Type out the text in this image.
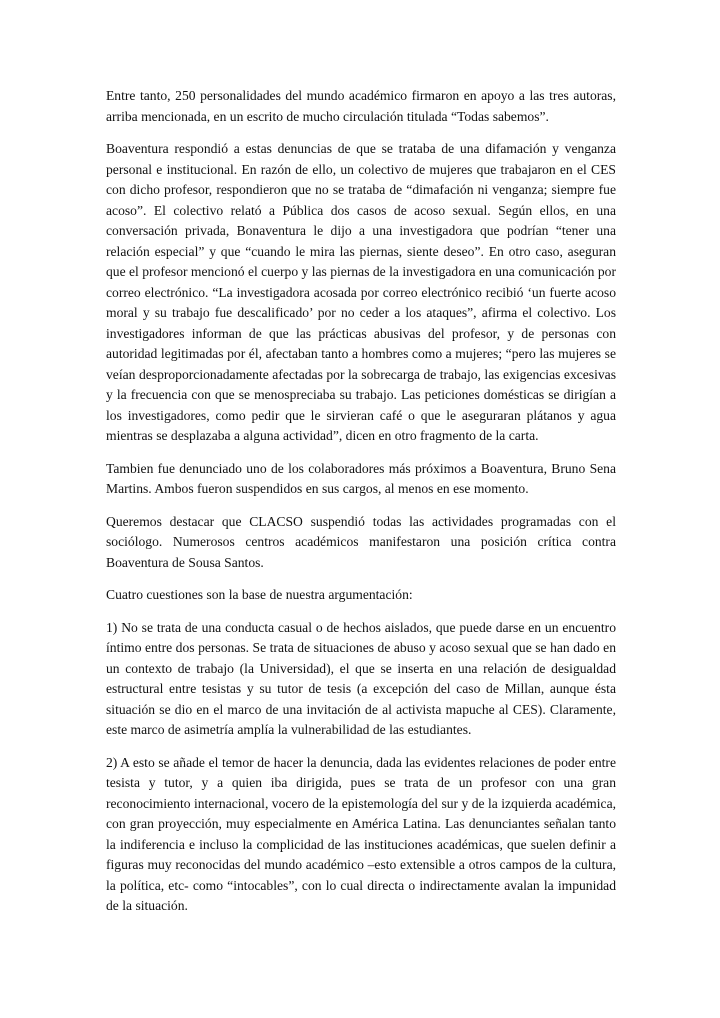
Entre tanto, 250 personalidades del mundo académico firmaron en apoyo a las tres autoras, arriba mencionada, en un escrito de mucho circulación titulada “Todas sabemos”.

Boaventura respondió a estas denuncias de que se trataba de una difamación y venganza personal e institucional. En razón de ello, un colectivo de mujeres que trabajaron en el CES con dicho profesor, respondieron que no se trataba de “dimafación ni venganza; siempre fue acoso”. El colectivo relató a Pública dos casos de acoso sexual. Según ellos, en una conversación privada, Bonaventura le dijo a una investigadora que podrían “tener una relación especial” y que “cuando le mira las piernas, siente deseo”. En otro caso, aseguran que el profesor mencionó el cuerpo y las piernas de la investigadora en una comunicación por correo electrónico. “La investigadora acosada por correo electrónico recibió ‘un fuerte acoso moral y su trabajo fue descalificado’ por no ceder a los ataques”, afirma el colectivo. Los investigadores informan de que las prácticas abusivas del profesor, y de personas con autoridad legitimadas por él, afectaban tanto a hombres como a mujeres; “pero las mujeres se veían desproporcionadamente afectadas por la sobrecarga de trabajo, las exigencias excesivas y la frecuencia con que se menospreciaba su trabajo. Las peticiones domésticas se dirigían a los investigadores, como pedir que le sirvieran café o que le aseguraran plátanos y agua mientras se desplazaba a alguna actividad”, dicen en otro fragmento de la carta.

Tambien fue denunciado uno de los colaboradores más próximos a Boaventura, Bruno Sena Martins. Ambos fueron suspendidos en sus cargos, al menos en ese momento.

Queremos destacar que CLACSO suspendió todas las actividades programadas con el sociólogo. Numerosos centros académicos manifestaron una posición crítica contra Boaventura de Sousa Santos.

Cuatro cuestiones son la base de nuestra argumentación:

1) No se trata de una conducta casual o de hechos aislados, que puede darse en un encuentro íntimo entre dos personas. Se trata de situaciones de abuso y acoso sexual que se han dado en un contexto de trabajo (la Universidad), el que se inserta en una relación de desigualdad estructural entre tesistas y su tutor de tesis (a excepción del caso de Millan, aunque ésta situación se dio en el marco de una invitación de al activista mapuche al CES). Claramente, este marco de asimetría amplía la vulnerabilidad de las estudiantes.

2) A esto se añade el temor de hacer la denuncia, dada las evidentes relaciones de poder entre tesista y tutor, y a quien iba dirigida, pues se trata de un profesor con una gran reconocimiento internacional, vocero de la epistemología del sur y de la izquierda académica, con gran proyección, muy especialmente en América Latina. Las denunciantes señalan tanto la indiferencia e incluso la complicidad de las instituciones académicas, que suelen definir a figuras muy reconocidas del mundo académico –esto extensible a otros campos de la cultura, la política, etc- como “intocables”, con lo cual directa o indirectamente avalan la impunidad de la situación.
